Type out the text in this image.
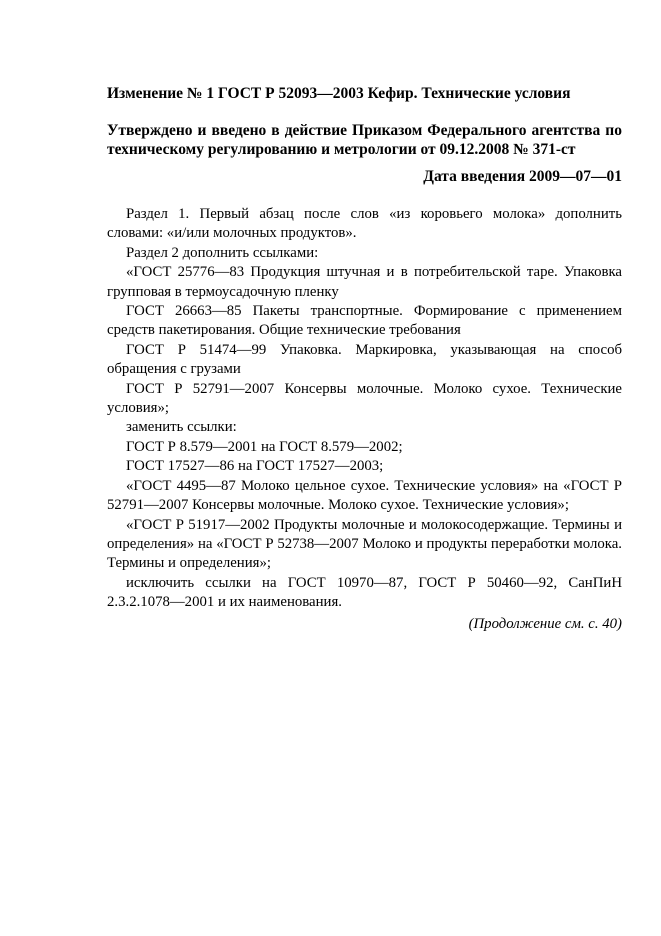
Изменение № 1 ГОСТ Р 52093—2003 Кефир. Технические условия

Утверждено и введено в действие Приказом Федерального агентства по техническому регулированию и метрологии от 09.12.2008 № 371-ст

Дата введения 2009—07—01

Раздел 1. Первый абзац после слов «из коровьего молока» дополнить словами: «и/или молочных продуктов».

Раздел 2 дополнить ссылками:

«ГОСТ 25776—83 Продукция штучная и в потребительской таре. Упаковка групповая в термоусадочную пленку

ГОСТ 26663—85 Пакеты транспортные. Формирование с применением средств пакетирования. Общие технические требования

ГОСТ Р 51474—99 Упаковка. Маркировка, указывающая на способ обращения с грузами

ГОСТ Р 52791—2007 Консервы молочные. Молоко сухое. Технические условия»;

заменить ссылки:

ГОСТ Р 8.579—2001 на ГОСТ 8.579—2002;

ГОСТ 17527—86 на ГОСТ 17527—2003;

«ГОСТ 4495—87 Молоко цельное сухое. Технические условия» на «ГОСТ Р 52791—2007 Консервы молочные. Молоко сухое. Технические условия»;

«ГОСТ Р 51917—2002 Продукты молочные и молокосодержащие. Термины и определения» на «ГОСТ Р 52738—2007 Молоко и продукты переработки молока. Термины и определения»;

исключить ссылки на ГОСТ 10970—87, ГОСТ Р 50460—92, СанПиН 2.3.2.1078—2001 и их наименования.

(Продолжение см. с. 40)
